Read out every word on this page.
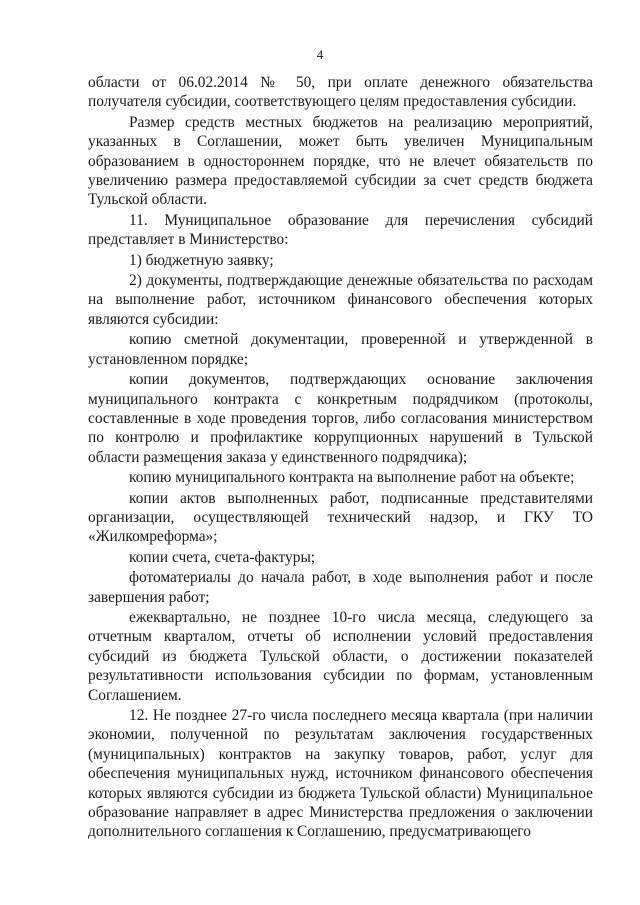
4

области от 06.02.2014 № 50, при оплате денежного обязательства получателя субсидии, соответствующего целям предоставления субсидии.

Размер средств местных бюджетов на реализацию мероприятий, указанных в Соглашении, может быть увеличен Муниципальным образованием в одностороннем порядке, что не влечет обязательств по увеличению размера предоставляемой субсидии за счет средств бюджета Тульской области.

11. Муниципальное образование для перечисления субсидий представляет в Министерство:

1) бюджетную заявку;

2) документы, подтверждающие денежные обязательства по расходам на выполнение работ, источником финансового обеспечения которых являются субсидии:

копию сметной документации, проверенной и утвержденной в установленном порядке;

копии документов, подтверждающих основание заключения муниципального контракта с конкретным подрядчиком (протоколы, составленные в ходе проведения торгов, либо согласования министерством по контролю и профилактике коррупционных нарушений в Тульской области размещения заказа у единственного подрядчика);

копию муниципального контракта на выполнение работ на объекте;

копии актов выполненных работ, подписанные представителями организации, осуществляющей технический надзор, и ГКУ ТО «Жилкомреформа»;

копии счета, счета-фактуры;

фотоматериалы до начала работ, в ходе выполнения работ и после завершения работ;

ежеквартально, не позднее 10-го числа месяца, следующего за отчетным кварталом, отчеты об исполнении условий предоставления субсидий из бюджета Тульской области, о достижении показателей результативности использования субсидии по формам, установленным Соглашением.

12. Не позднее 27-го числа последнего месяца квартала (при наличии экономии, полученной по результатам заключения государственных (муниципальных) контрактов на закупку товаров, работ, услуг для обеспечения муниципальных нужд, источником финансового обеспечения которых являются субсидии из бюджета Тульской области) Муниципальное образование направляет в адрес Министерства предложения о заключении дополнительного соглашения к Соглашению, предусматривающего
